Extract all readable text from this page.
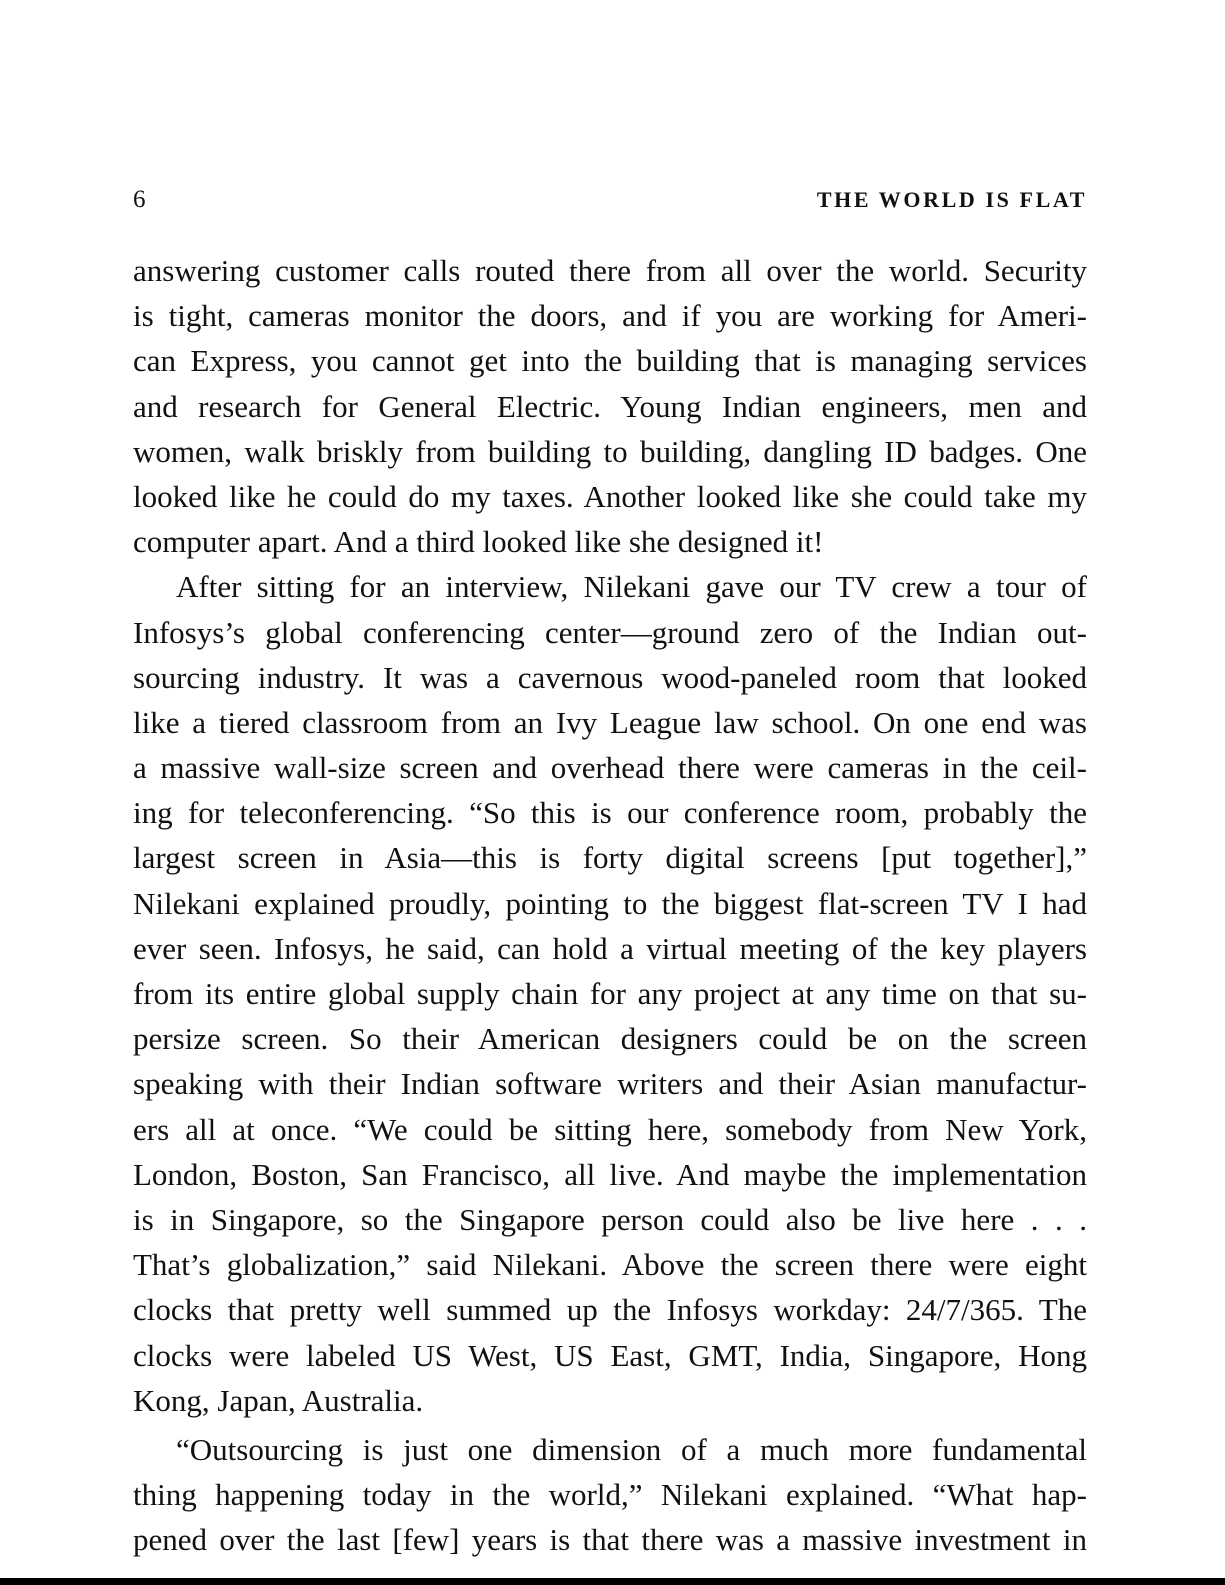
6	THE WORLD IS FLAT
answering customer calls routed there from all over the world. Security
is tight, cameras monitor the doors, and if you are working for Ameri-
can Express, you cannot get into the building that is managing services
and research for General Electric. Young Indian engineers, men and
women, walk briskly from building to building, dangling ID badges. One
looked like he could do my taxes. Another looked like she could take my
computer apart. And a third looked like she designed it!
After sitting for an interview, Nilekani gave our TV crew a tour of
Infosys’s global conferencing center—ground zero of the Indian out-
sourcing industry. It was a cavernous wood-paneled room that looked
like a tiered classroom from an Ivy League law school. On one end was
a massive wall-size screen and overhead there were cameras in the ceil-
ing for teleconferencing. “So this is our conference room, probably the
largest screen in Asia—this is forty digital screens [put together],”
Nilekani explained proudly, pointing to the biggest flat-screen TV I had
ever seen. Infosys, he said, can hold a virtual meeting of the key players
from its entire global supply chain for any project at any time on that su-
persize screen. So their American designers could be on the screen
speaking with their Indian software writers and their Asian manufactur-
ers all at once. “We could be sitting here, somebody from New York,
London, Boston, San Francisco, all live. And maybe the implementation
is in Singapore, so the Singapore person could also be live here . . .
That’s globalization,” said Nilekani. Above the screen there were eight
clocks that pretty well summed up the Infosys workday: 24/7/365. The
clocks were labeled US West, US East, GMT, India, Singapore, Hong
Kong, Japan, Australia.
“Outsourcing is just one dimension of a much more fundamental
thing happening today in the world,” Nilekani explained. “What hap-
pened over the last [few] years is that there was a massive investment in
